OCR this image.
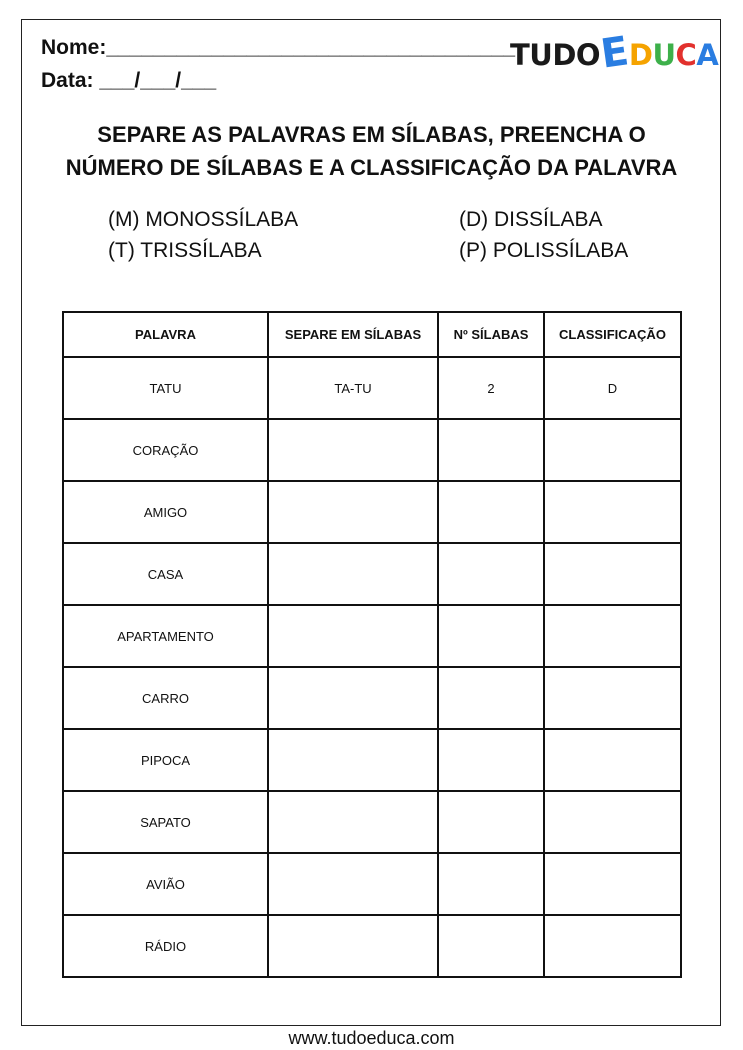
Nome:___________________________________
Data: ___/___/___
TUDO
E
D U C A
SEPARE AS PALAVRAS EM SÍLABAS, PREENCHA O
NÚMERO DE SÍLABAS E A CLASSIFICAÇÃO DA PALAVRA
(M) MONOSSÍLABA
(T) TRISSÍLABA
(D) DISSÍLABA
(P) POLISSÍLABA
PALAVRA	SEPARE EM SÍLABAS	Nº SÍLABAS	CLASSIFICAÇÃO
TATU	TA-TU	2	D
CORAÇÃO			
AMIGO			
CASA			
APARTAMENTO			
CARRO			
PIPOCA			
SAPATO			
AVIÃO			
RÁDIO			
www.tudoeduca.com
